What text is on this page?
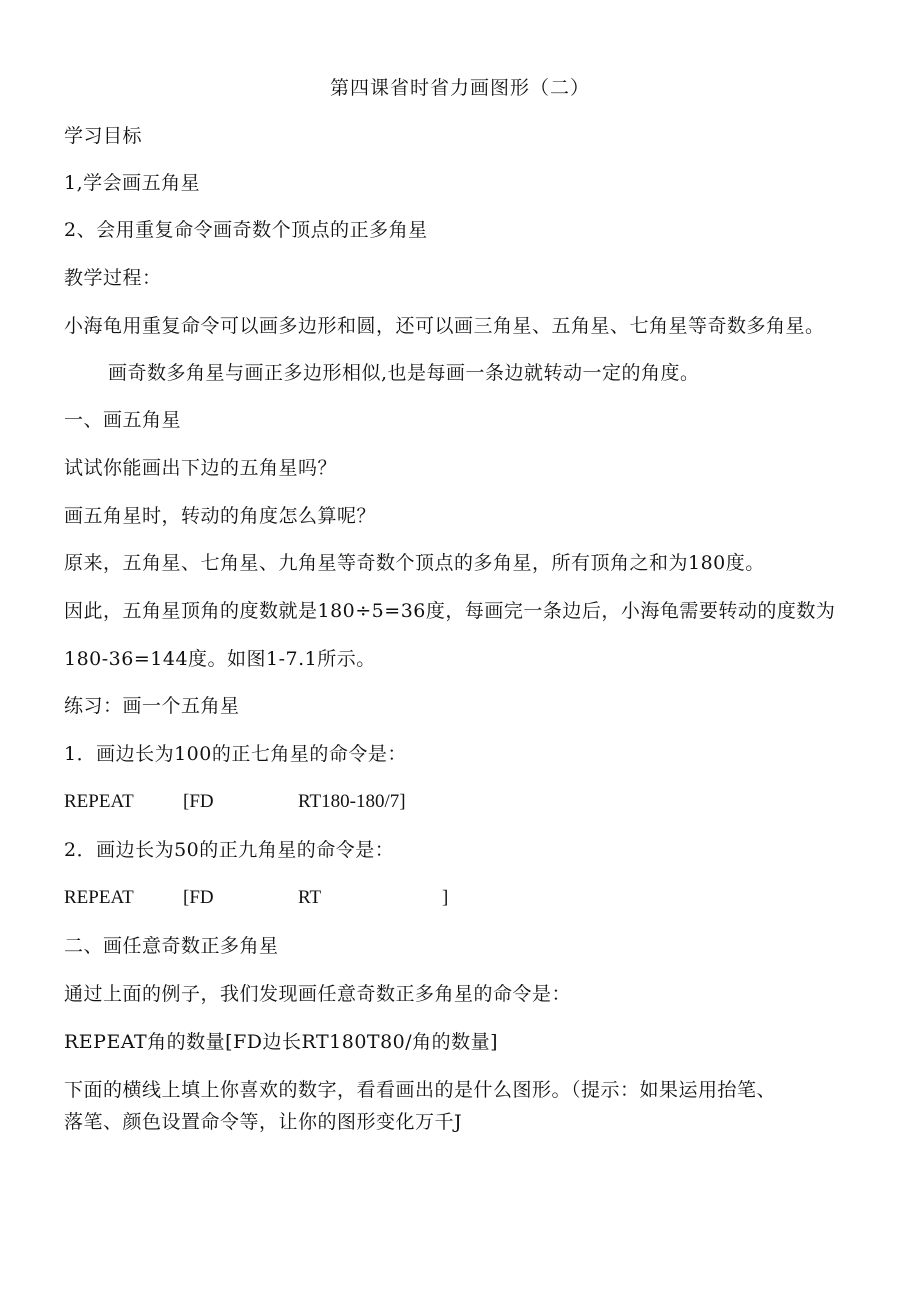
第四课省时省力画图形（二）
学习目标
1,学会画五角星
2、会用重复命令画奇数个顶点的正多角星
教学过程：
小海龟用重复命令可以画多边形和圆，还可以画三角星、五角星、七角星等奇数多角星。
画奇数多角星与画正多边形相似,也是每画一条边就转动一定的角度。
一、画五角星
试试你能画出下边的五角星吗？
画五角星时，转动的角度怎么算呢？
原来，五角星、七角星、九角星等奇数个顶点的多角星，所有顶角之和为180度。
因此，五角星顶角的度数就是180÷5=36度，每画完一条边后，小海龟需要转动的度数为
180-36=144度。如图1-7.1所示。
练习：画一个五角星
1．画边长为100的正七角星的命令是：
REPEAT	[FD	RT180-180/7]
2．画边长为50的正九角星的命令是：
REPEAT	[FD	RT	]
二、画任意奇数正多角星
通过上面的例子，我们发现画任意奇数正多角星的命令是：
REPEAT角的数量[FD边长RT180T80/角的数量]
下面的横线上填上你喜欢的数字，看看画出的是什么图形。（提示：如果运用抬笔、
落笔、颜色设置命令等，让你的图形变化万千J
